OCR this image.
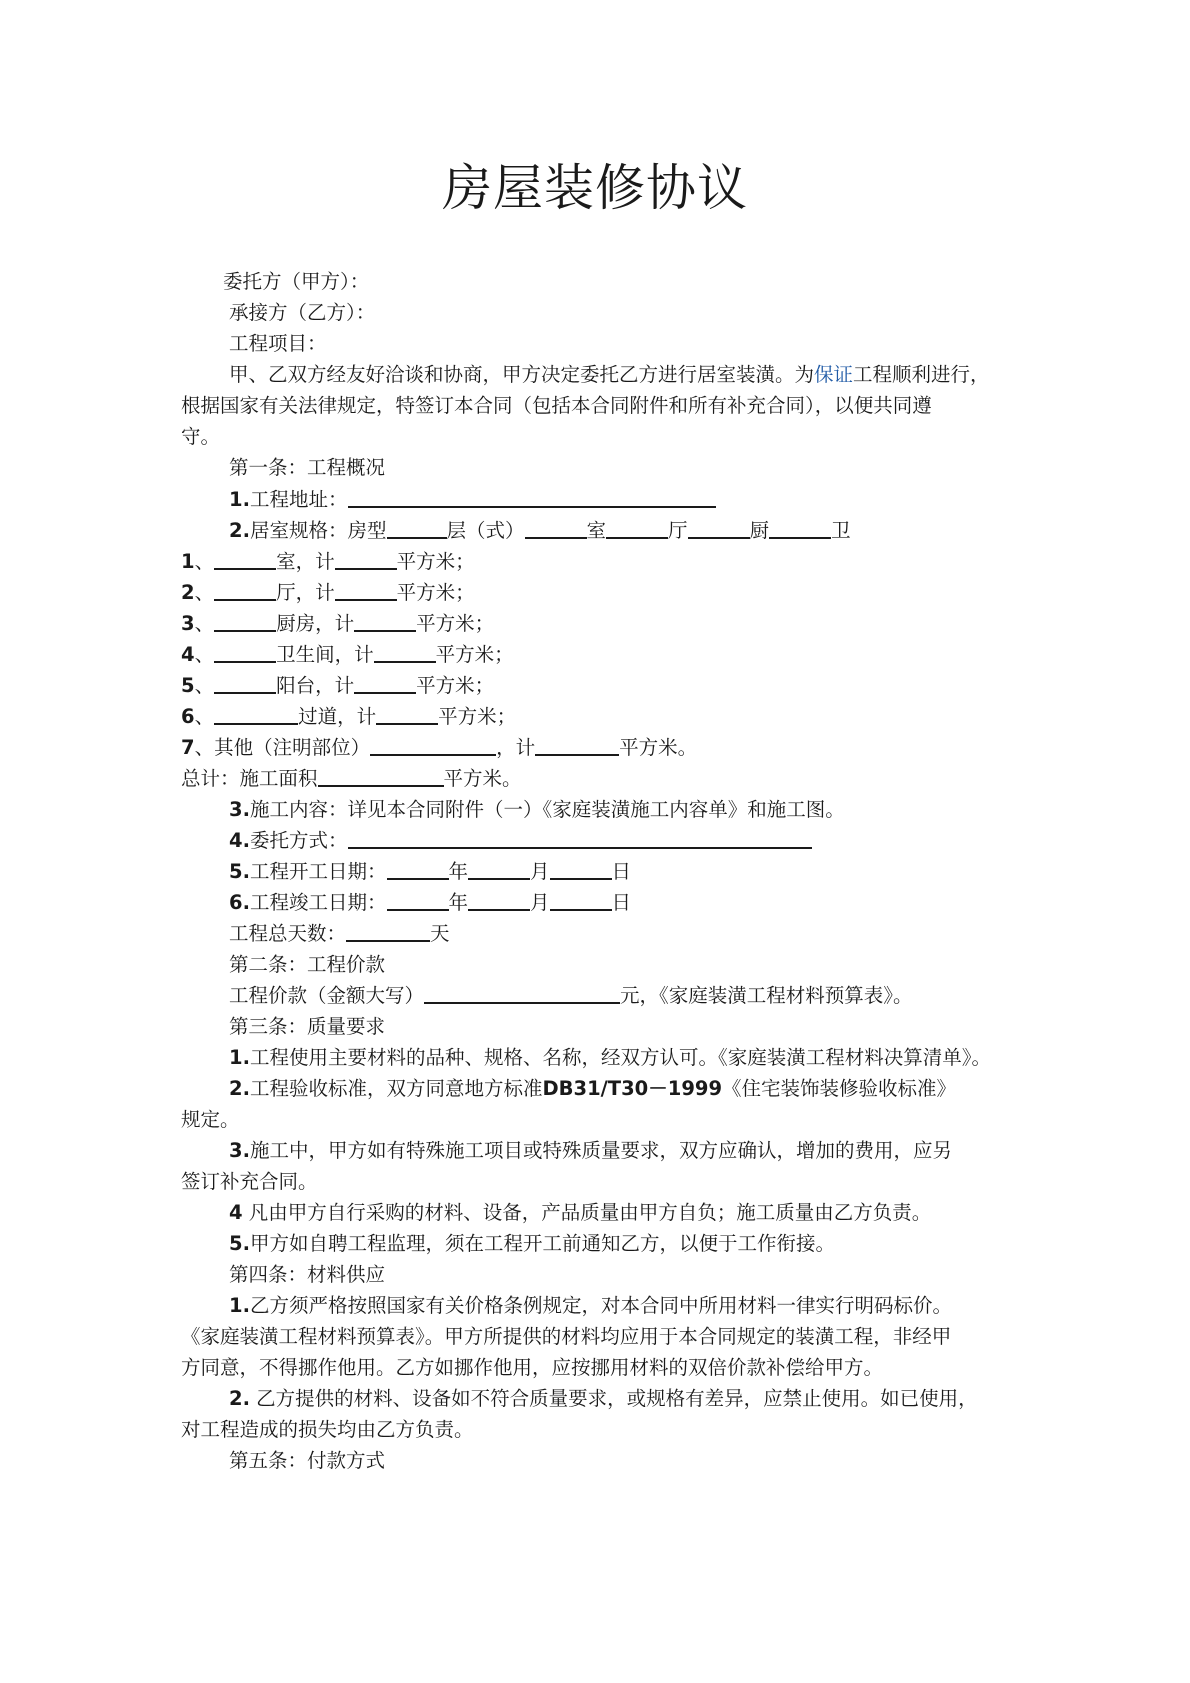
房屋装修协议
委托方（甲方）：
承接方（乙方）：
工程项目：
甲、乙双方经友好洽谈和协商，甲方决定委托乙方进行居室装潢。为保证工程顺利进行，
根据国家有关法律规定，特签订本合同（包括本合同附件和所有补充合同），以便共同遵
守。
第一条：工程概况
1.工程地址：
2.居室规格：房型	层（式）	室	厅	厨	卫
1、	室，计	平方米；
2、	厅，计	平方米；
3、	厨房，计	平方米；
4、	卫生间，计	平方米；
5、	阳台，计	平方米；
6、	过道，计	平方米；
7、其他（注明部位）	，计	平方米。
总计：施工面积	平方米。
3.施工内容：详见本合同附件（一）《家庭装潢施工内容单》和施工图。
4.委托方式：
5.工程开工日期：	年	月	日
6.工程竣工日期：	年	月	日
工程总天数：	天
第二条：工程价款
工程价款（金额大写）	元，《家庭装潢工程材料预算表》。
第三条：质量要求
1.工程使用主要材料的品种、规格、名称，经双方认可。《家庭装潢工程材料决算清单》。
2.工程验收标准，双方同意地方标准DB31/T30－1999《住宅装饰装修验收标准》
规定。
3.施工中，甲方如有特殊施工项目或特殊质量要求，双方应确认，增加的费用，应另
签订补充合同。
4 凡由甲方自行采购的材料、设备，产品质量由甲方自负；施工质量由乙方负责。
5.甲方如自聘工程监理，须在工程开工前通知乙方，以便于工作衔接。
第四条：材料供应
1.乙方须严格按照国家有关价格条例规定，对本合同中所用材料一律实行明码标价。
《家庭装潢工程材料预算表》。甲方所提供的材料均应用于本合同规定的装潢工程，非经甲
方同意，不得挪作他用。乙方如挪作他用，应按挪用材料的双倍价款补偿给甲方。
2. 乙方提供的材料、设备如不符合质量要求，或规格有差异，应禁止使用。如已使用，
对工程造成的损失均由乙方负责。
第五条：付款方式
